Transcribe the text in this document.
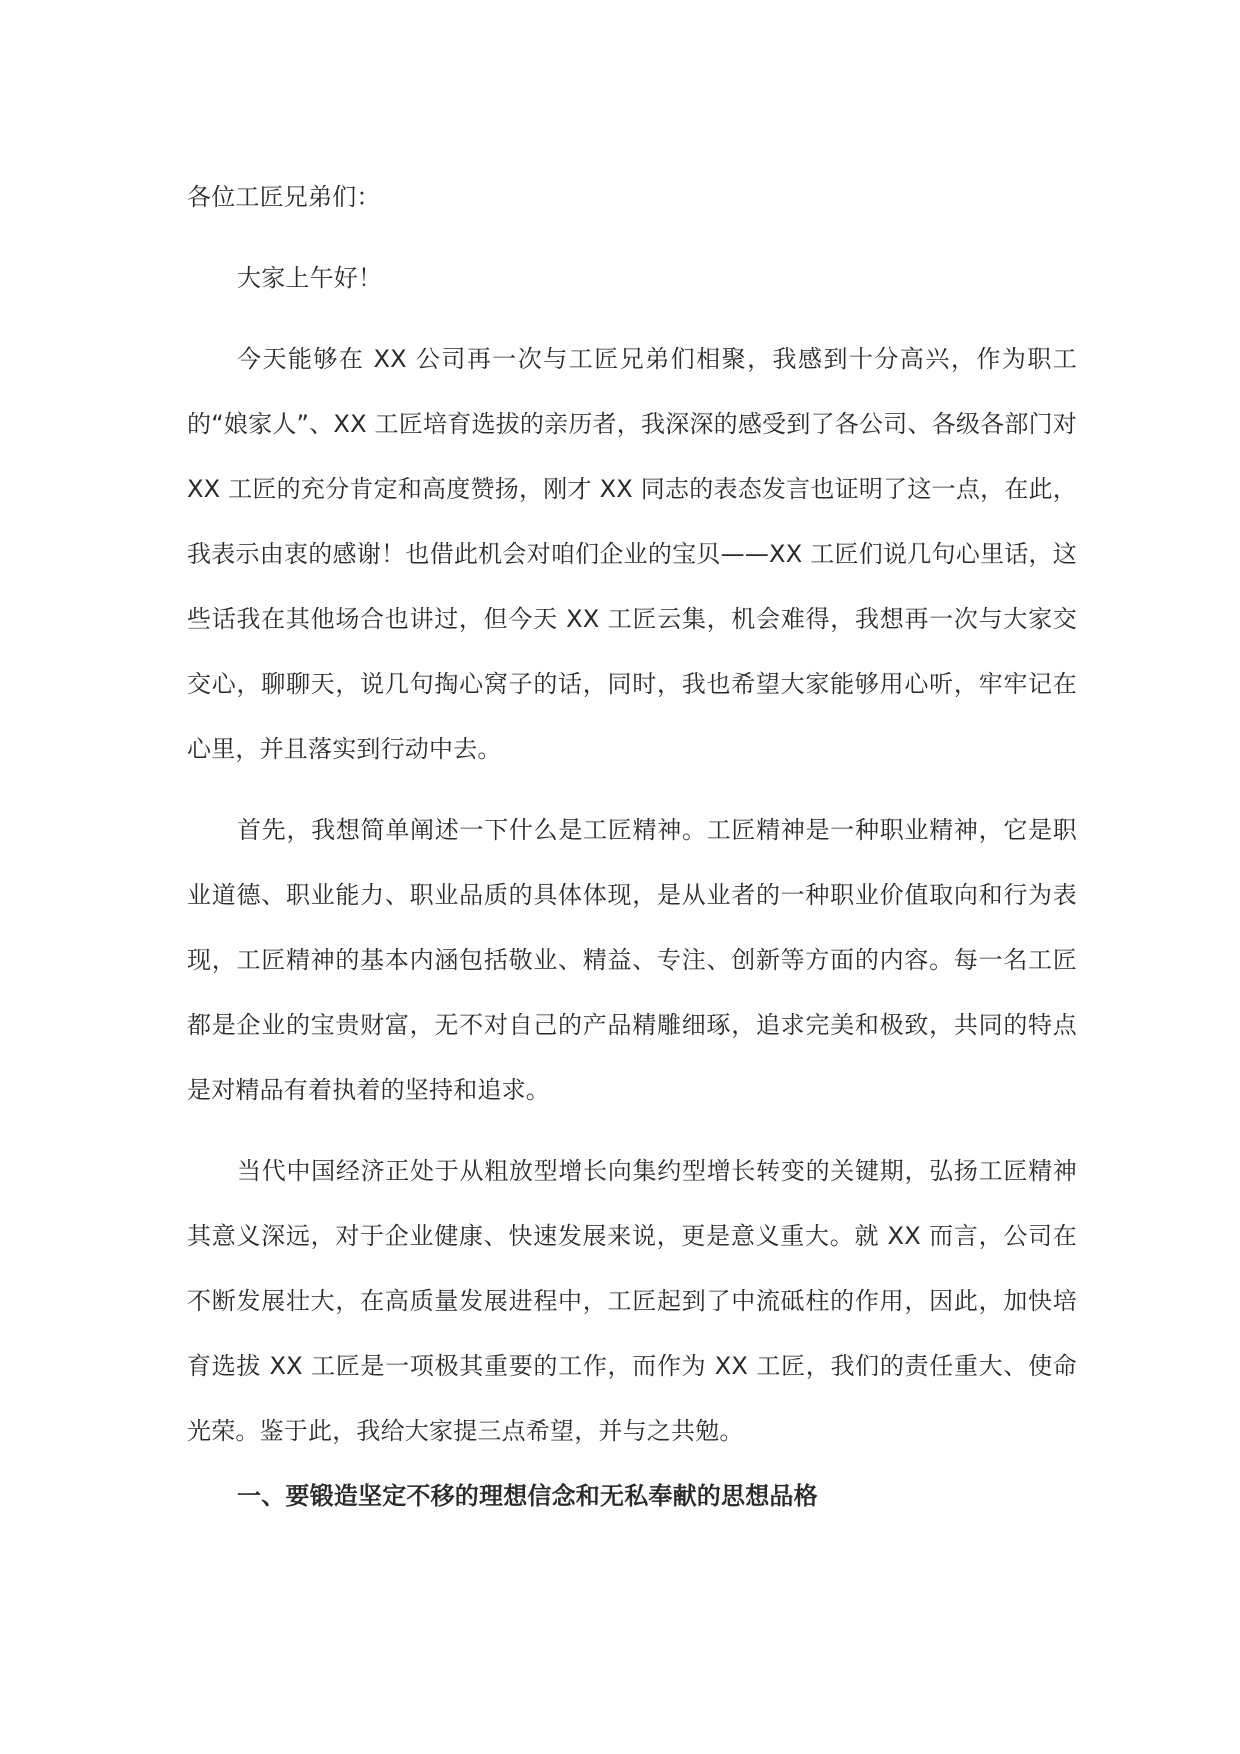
各位工匠兄弟们：

大家上午好！

今天能够在 XX 公司再一次与工匠兄弟们相聚，我感到十分高兴，作为职工的“娘家人”、XX 工匠培育选拔的亲历者，我深深的感受到了各公司、各级各部门对 XX 工匠的充分肯定和高度赞扬，刚才 XX 同志的表态发言也证明了这一点，在此，我表示由衷的感谢！也借此机会对咱们企业的宝贝——XX 工匠们说几句心里话，这些话我在其他场合也讲过，但今天 XX 工匠云集，机会难得，我想再一次与大家交交心，聊聊天，说几句掏心窝子的话，同时，我也希望大家能够用心听，牢牢记在心里，并且落实到行动中去。

首先，我想简单阐述一下什么是工匠精神。工匠精神是一种职业精神，它是职业道德、职业能力、职业品质的具体体现，是从业者的一种职业价值取向和行为表现，工匠精神的基本内涵包括敬业、精益、专注、创新等方面的内容。每一名工匠都是企业的宝贵财富，无不对自己的产品精雕细琢，追求完美和极致，共同的特点是对精品有着执着的坚持和追求。

当代中国经济正处于从粗放型增长向集约型增长转变的关键期，弘扬工匠精神其意义深远，对于企业健康、快速发展来说，更是意义重大。就 XX 而言，公司在不断发展壮大，在高质量发展进程中，工匠起到了中流砥柱的作用，因此，加快培育选拔 XX 工匠是一项极其重要的工作，而作为 XX 工匠，我们的责任重大、使命光荣。鉴于此，我给大家提三点希望，并与之共勉。

一、要锻造坚定不移的理想信念和无私奉献的思想品格
